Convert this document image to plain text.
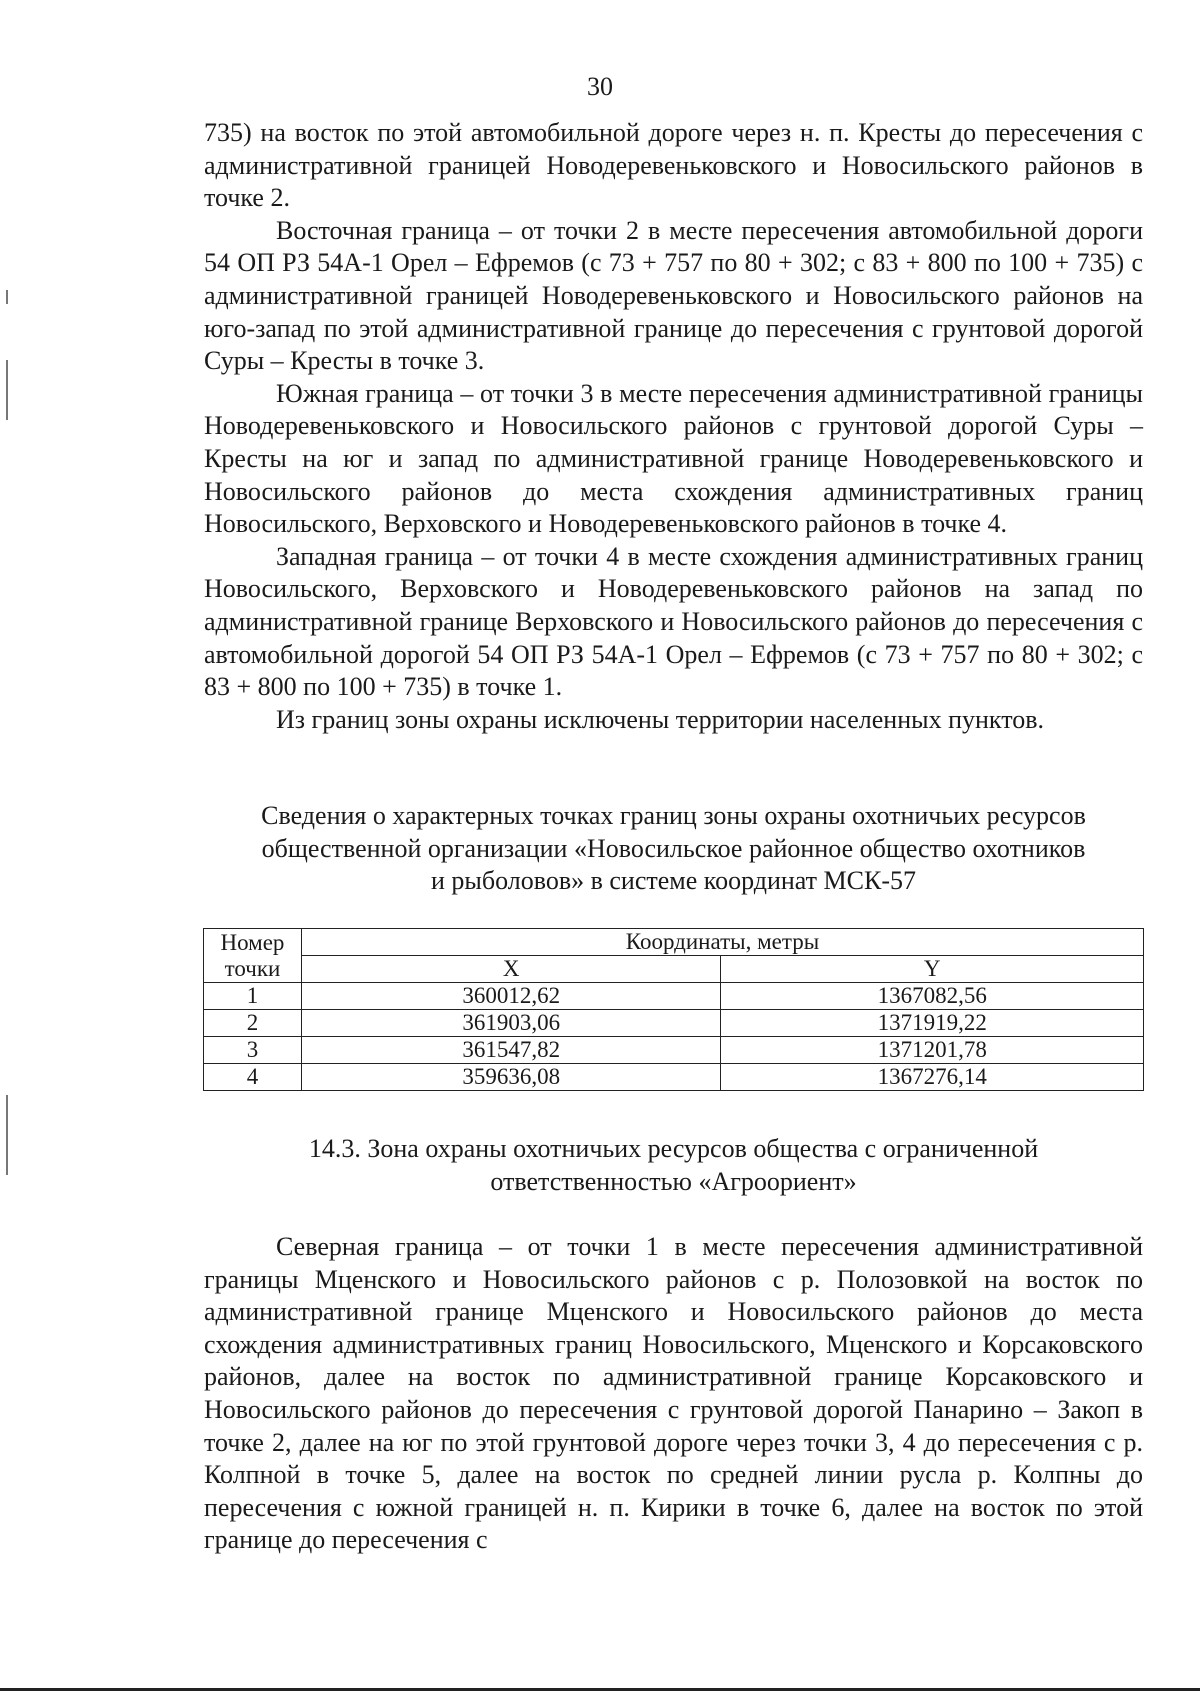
30

735) на восток по этой автомобильной дороге через н. п. Кресты до пересечения с административной границей Новодеревеньковского и Новосильского районов в точке 2.

Восточная граница – от точки 2 в месте пересечения автомобильной дороги 54 ОП РЗ 54А-1 Орел – Ефремов (с 73 + 757 по 80 + 302; с 83 + 800 по 100 + 735) с административной границей Новодеревеньковского и Новосильского районов на юго-запад по этой административной границе до пересечения с грунтовой дорогой Суры – Кресты в точке 3.

Южная граница – от точки 3 в месте пересечения административной границы Новодеревеньковского и Новосильского районов с грунтовой дорогой Суры – Кресты на юг и запад по административной границе Новодеревеньковского и Новосильского районов до места схождения административных границ Новосильского, Верховского и Новодеревеньковского районов в точке 4.

Западная граница – от точки 4 в месте схождения административных границ Новосильского, Верховского и Новодеревеньковского районов на запад по административной границе Верховского и Новосильского районов до пересечения с автомобильной дорогой 54 ОП РЗ 54А-1 Орел – Ефремов (с 73 + 757 по 80 + 302; с 83 + 800 по 100 + 735) в точке 1.

Из границ зоны охраны исключены территории населенных пунктов.

Сведения о характерных точках границ зоны охраны охотничьих ресурсов
общественной организации «Новосильское районное общество охотников
и рыболовов» в системе координат МСК-57
Номер
точки	Координаты, метры	
	X	Y
1	360012,62	1367082,56
2	361903,06	1371919,22
3	361547,82	1371201,78
4	359636,08	1367276,14
14.3. Зона охраны охотничьих ресурсов общества с ограниченной
ответственностью «Агроориент»

Северная граница – от точки 1 в месте пересечения административной границы Мценского и Новосильского районов с р. Полозовкой на восток по административной границе Мценского и Новосильского районов до места схождения административных границ Новосильского, Мценского и Корсаковского районов, далее на восток по административной границе Корсаковского и Новосильского районов до пересечения с грунтовой дорогой Панарино – Закоп в точке 2, далее на юг по этой грунтовой дороге через точки 3, 4 до пересечения с р. Колпной в точке 5, далее на восток по средней линии русла р. Колпны до пересечения с южной границей н. п. Кирики в точке 6, далее на восток по этой границе до пересечения с
